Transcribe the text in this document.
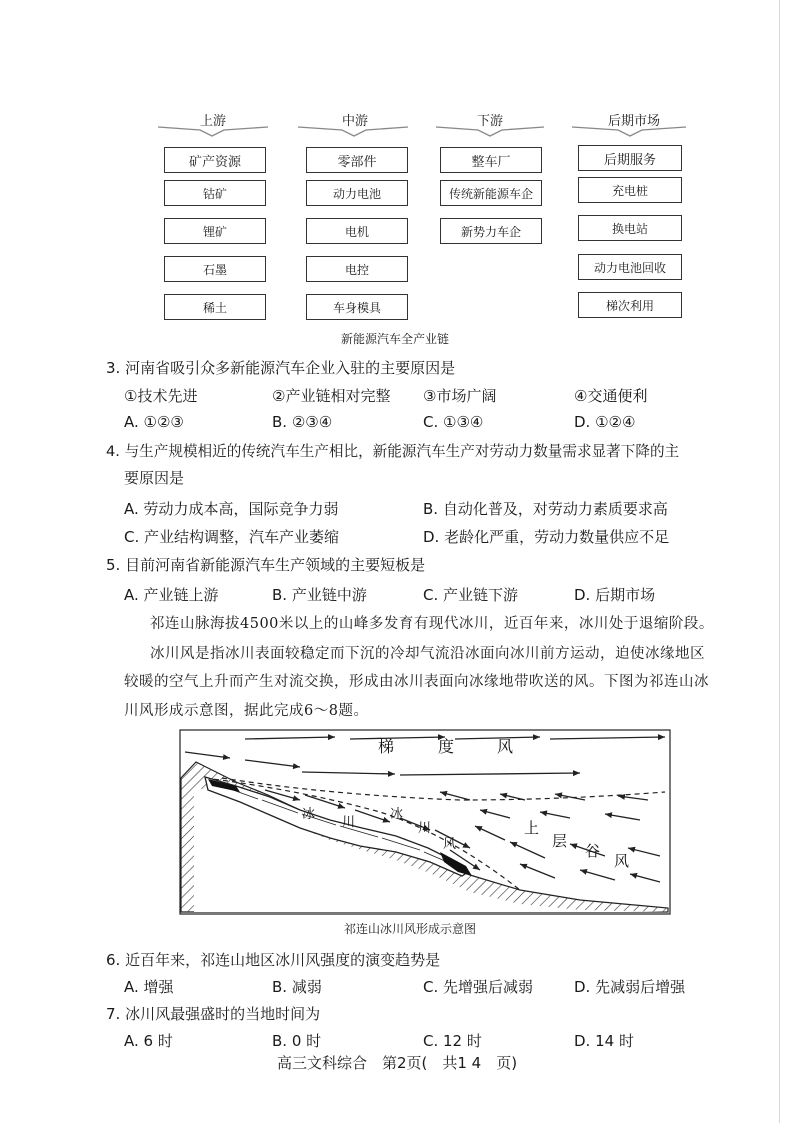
上游	中游	下游	后期市场
矿产资源
钴矿
锂矿
石墨
稀土
零部件
动力电池
电机
电控
车身模具
整车厂
传统新能源车企
新势力车企
后期服务
充电桩
换电站
动力电池回收
梯次利用
新能源汽车全产业链
3. 河南省吸引众多新能源汽车企业入驻的主要原因是
①技术先进	②产业链相对完整 ③市场广阔	④交通便利
A. ①②③	B. ②③④	C. ①③④	D. ①②④
4. 与生产规模相近的传统汽车生产相比，新能源汽车生产对劳动力数量需求显著下降的主
要原因是
A. 劳动力成本高，国际竞争力弱	B. 自动化普及，对劳动力素质要求高
C. 产业结构调整，汽车产业萎缩	D. 老龄化严重，劳动力数量供应不足
5. 目前河南省新能源汽车生产领域的主要短板是
A. 产业链上游	B. 产业链中游	C. 产业链下游	D. 后期市场
祁连山脉海拔4500米以上的山峰多发育有现代冰川，近百年来，冰川处于退缩阶段。
冰川风是指冰川表面较稳定而下沉的冷却气流沿冰面向冰川前方运动，迫使冰缘地区
较暖的空气上升而产生对流交换，形成由冰川表面向冰缘地带吹送的风。下图为祁连山冰
川风形成示意图，据此完成6～8题。
梯	度	风
冰
川
冰
川
风
上
层
谷
风
祁连山冰川风形成示意图
6. 近百年来，祁连山地区冰川风强度的演变趋势是
A. 增强	B. 减弱	C. 先增强后减弱	D. 先减弱后增强
7. 冰川风最强盛时的当地时间为
A. 6 时	B. 0 时	C. 12 时	D. 14 时
高三文科综合　第2页(　共1 4　页)
